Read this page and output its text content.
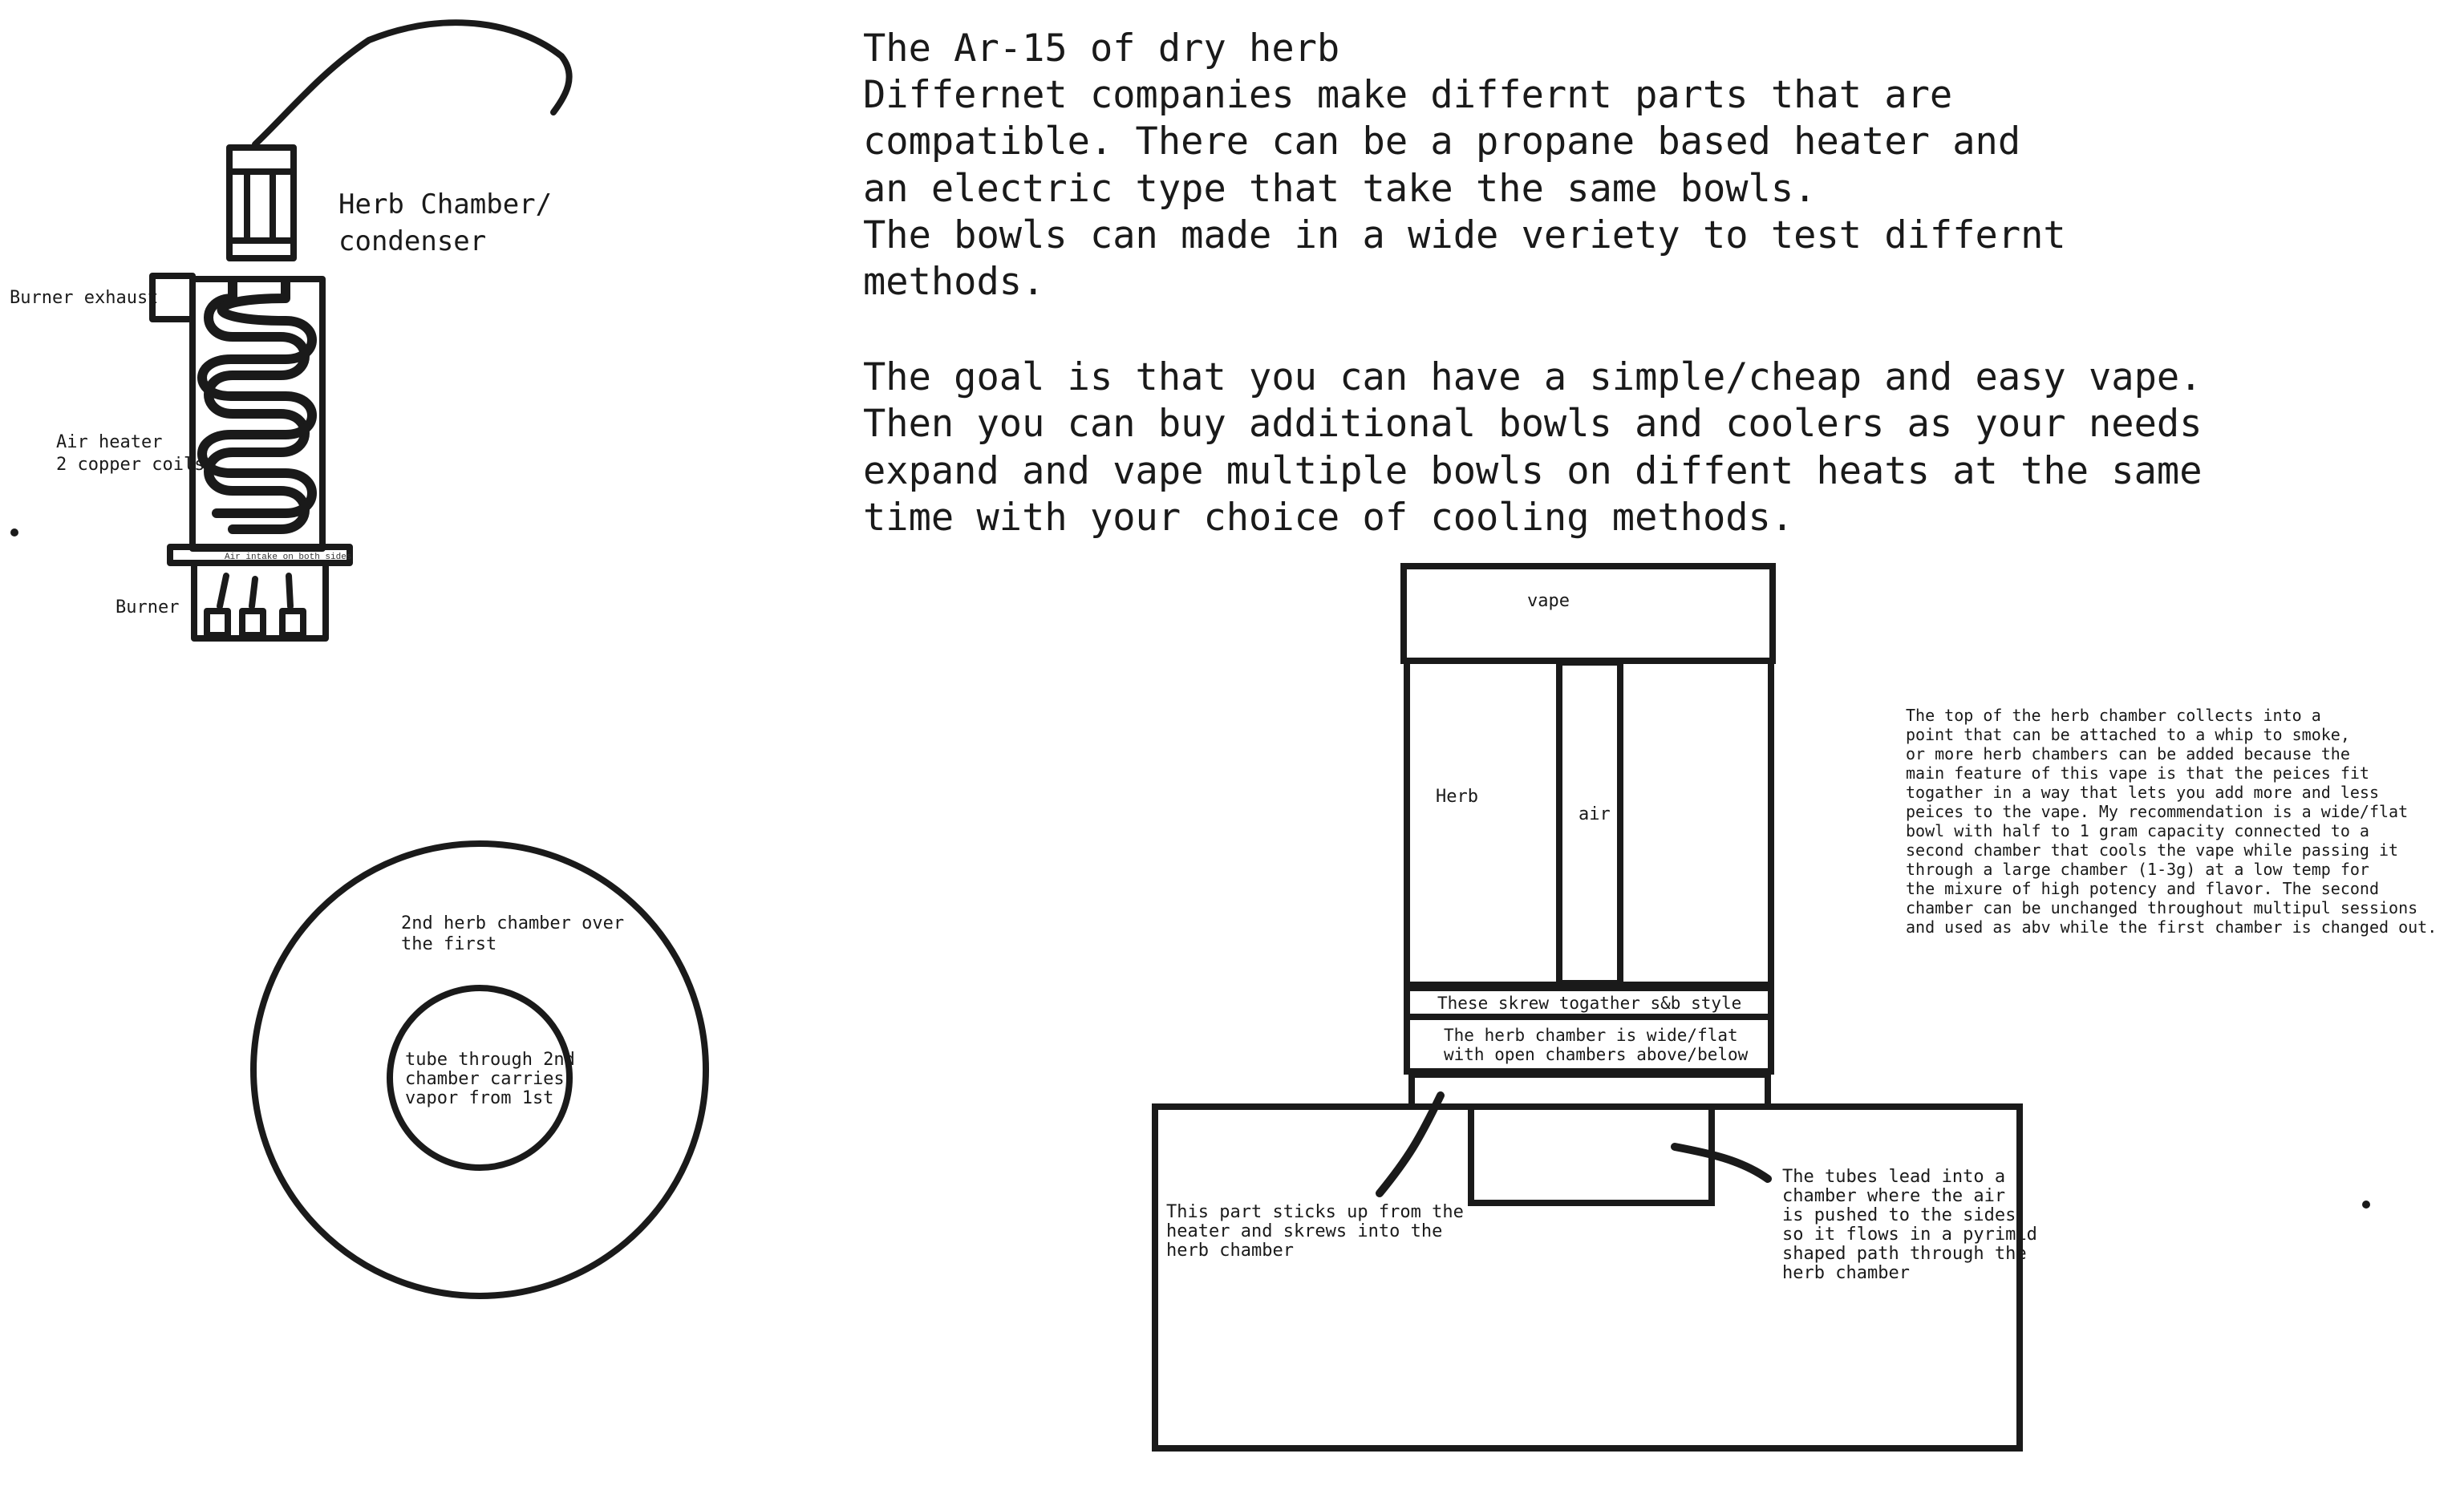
The Ar-15 of dry herb
Differnet companies make differnt parts that are
compatible. There can be a propane based heater and
an electric type that take the same bowls.
The bowls can made in a wide veriety to test differnt
methods.
The goal is that you can have a simple/cheap and easy vape.
Then you can buy additional bowls and coolers as your needs
expand and vape multiple bowls on diffent heats at the same
time with your choice of cooling methods.
Herb Chamber/
condenser
Burner exhaust
Air heater
2 copper coils
Air intake on both sides
Burner
2nd herb chamber over
the first
tube through 2nd
chamber carries
vapor from 1st
vape
Herb
air
These skrew togather s&b style
The herb chamber is wide/flat
with open chambers above/below
This part sticks up from the
heater and skrews into the
herb chamber
The tubes lead into a
chamber where the air
is pushed to the sides
so it flows in a pyrimid
shaped path through the
herb chamber
The top of the herb chamber collects into a
point that can be attached to a whip to smoke,
or more herb chambers can be added because the
main feature of this vape is that the peices fit
togather in a way that lets you add more and less
peices to the vape. My recommendation is a wide/flat
bowl with half to 1 gram capacity connected to a
second chamber that cools the vape while passing it
through a large chamber (1-3g) at a low temp for
the mixure of high potency and flavor. The second
chamber can be unchanged throughout multipul sessions
and used as abv while the first chamber is changed out.
